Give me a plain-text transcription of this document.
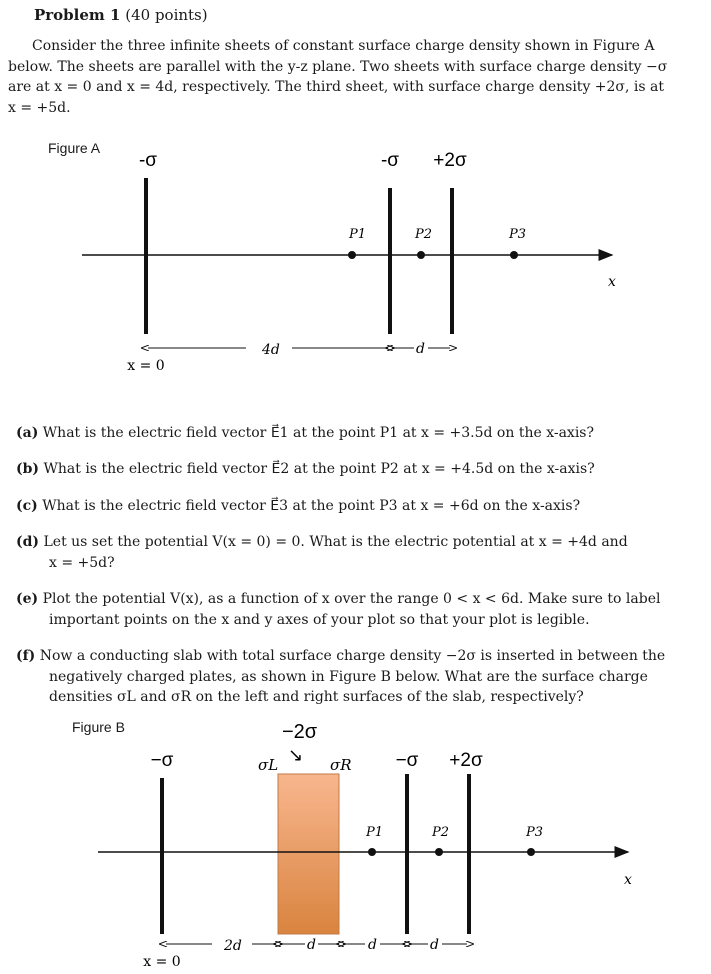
Problem 1 (40 points)
Consider the three infinite sheets of constant surface charge density shown in Figure A
below. The sheets are parallel with the y-z plane. Two sheets with surface charge density −σ
are at x = 0 and x = 4d, respectively. The third sheet, with surface charge density +2σ, is at
x = +5d.
Figure A
-σ	-σ +2σ
x
P1	P2	P3
4d	d
x = 0
(a) What is the electric field vector E⃗1 at the point P1 at x = +3.5d on the x-axis?
(b) What is the electric field vector E⃗2 at the point P2 at x = +4.5d on the x-axis?
(c) What is the electric field vector E⃗3 at the point P3 at x = +6d on the x-axis?
(d) Let us set the potential V(x = 0) = 0. What is the electric potential at x = +4d and
x = +5d?
(e) Plot the potential V(x), as a function of x over the range 0 < x < 6d. Make sure to label
important points on the x and y axes of your plot so that your plot is legible.
(f) Now a conducting slab with total surface charge density −2σ is inserted in between the
negatively charged plates, as shown in Figure B below. What are the surface charge
densities σL and σR on the left and right surfaces of the slab, respectively?
Figure B	−2σ
↘
σL	σR
−σ	−σ +2σ
x
P1	P2	P3
2d	d	d	d
x = 0
